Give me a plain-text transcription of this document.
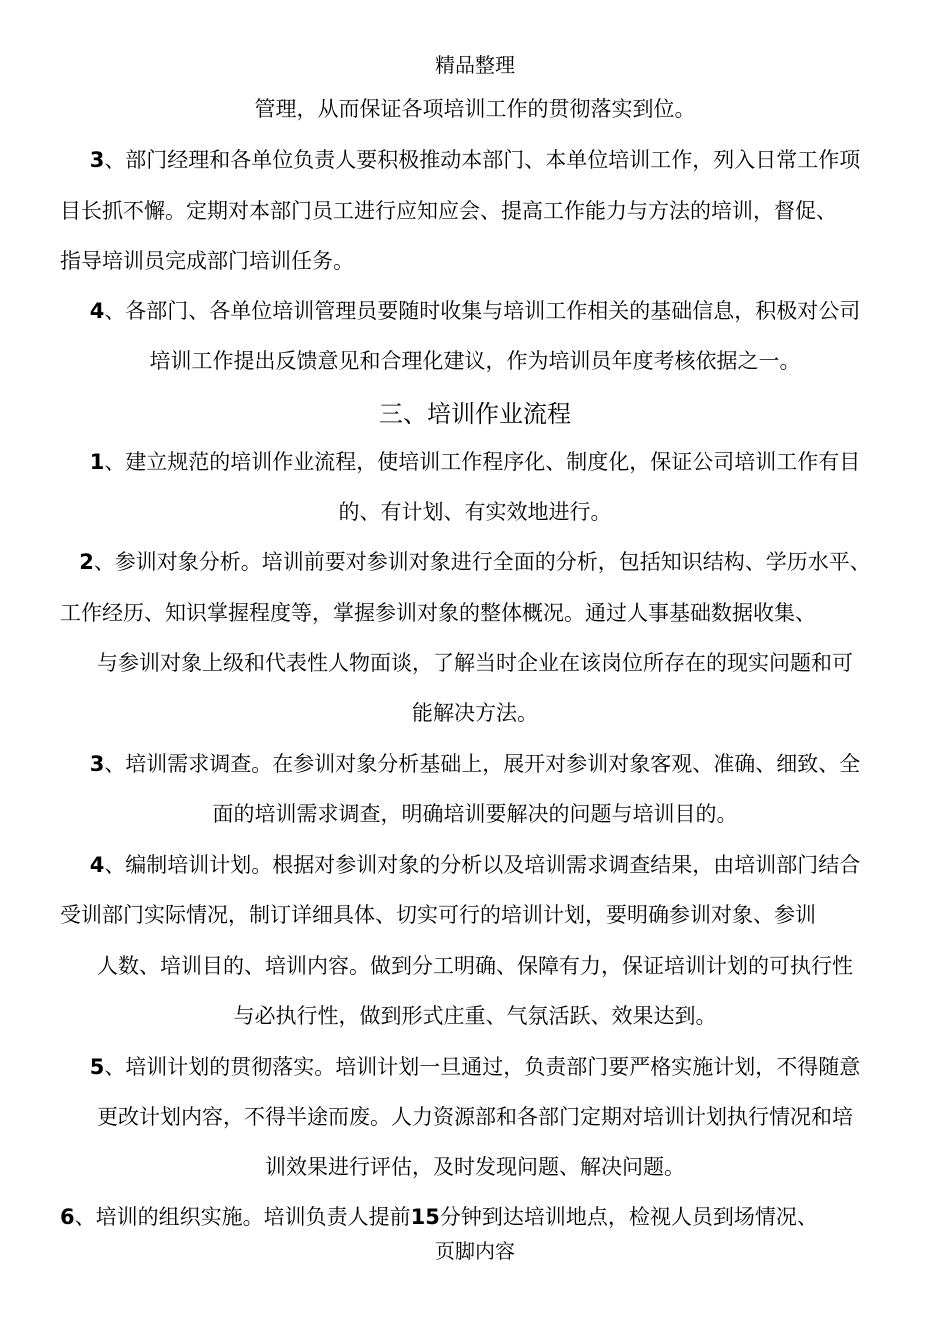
精品整理
管理，从而保证各项培训工作的贯彻落实到位。
3、部门经理和各单位负责人要积极推动本部门、本单位培训工作，列入日常工作项
目长抓不懈。定期对本部门员工进行应知应会、提高工作能力与方法的培训，督促、
指导培训员完成部门培训任务。
4、各部门、各单位培训管理员要随时收集与培训工作相关的基础信息，积极对公司
培训工作提出反馈意见和合理化建议，作为培训员年度考核依据之一。
三、培训作业流程
1、建立规范的培训作业流程，使培训工作程序化、制度化，保证公司培训工作有目
的、有计划、有实效地进行。
2、参训对象分析。培训前要对参训对象进行全面的分析，包括知识结构、学历水平、
工作经历、知识掌握程度等，掌握参训对象的整体概况。通过人事基础数据收集、
与参训对象上级和代表性人物面谈，了解当时企业在该岗位所存在的现实问题和可
能解决方法。
3、培训需求调查。在参训对象分析基础上，展开对参训对象客观、准确、细致、全
面的培训需求调查，明确培训要解决的问题与培训目的。
4、编制培训计划。根据对参训对象的分析以及培训需求调查结果，由培训部门结合
受训部门实际情况，制订详细具体、切实可行的培训计划，要明确参训对象、参训
人数、培训目的、培训内容。做到分工明确、保障有力，保证培训计划的可执行性
与必执行性，做到形式庄重、气氛活跃、效果达到。
5、培训计划的贯彻落实。培训计划一旦通过，负责部门要严格实施计划，不得随意
更改计划内容，不得半途而废。人力资源部和各部门定期对培训计划执行情况和培
训效果进行评估，及时发现问题、解决问题。
6、培训的组织实施。培训负责人提前15分钟到达培训地点，检视人员到场情况、
页脚内容
